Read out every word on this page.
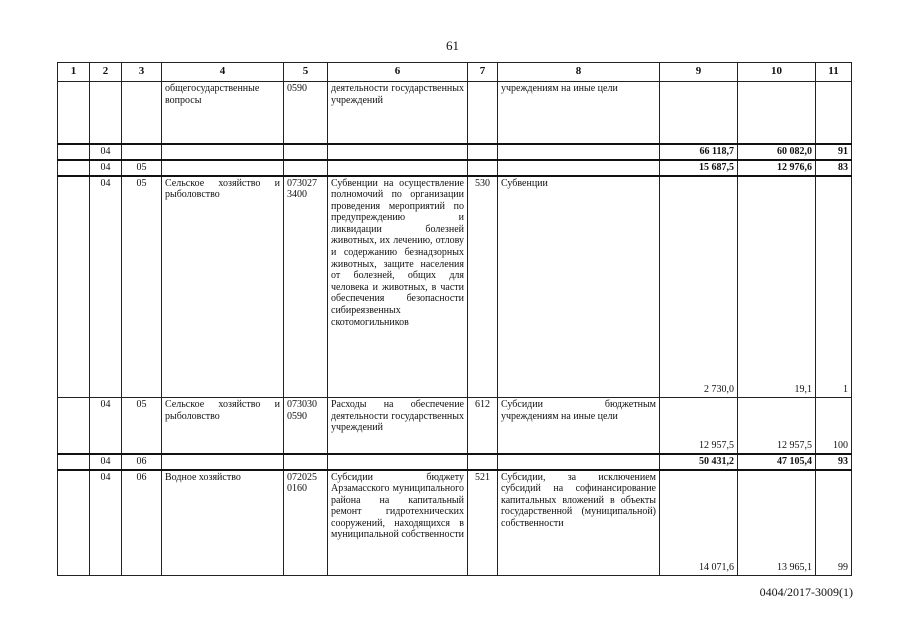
61
1	2	3	4	5	6	7	8	9	10	11
			общегосударственные вопросы	0590	деятельности государственных учреждений		учреждениям на иные цели			
	04							66 118,7	60 082,0	91
	04	05						15 687,5	12 976,6	83
	04	05	Сельское хозяйство и рыболовство	073027 3400	Субвенции на осуществление полномочий по организации проведения мероприятий по предупреждению и ликвидации болезней животных, их лечению, отлову и содержанию безнадзорных животных, защите населения от болезней, общих для человека и животных, в части обеспечения безопасности сибиреязвенных скотомогильников	530	Субвенции	2 730,0	19,1	1
	04	05	Сельское хозяйство и рыболовство	073030 0590	Расходы на обеспечение деятельности государственных учреждений	612	Субсидии бюджетным учреждениям на иные цели	12 957,5	12 957,5	100
	04	06						50 431,2	47 105,4	93
	04	06	Водное хозяйство	072025 0160	Субсидии бюджету Арзамасского муниципального района на капитальный ремонт гидротехнических сооружений, находящихся в муниципальной собственности	521	Субсидии, за исключением субсидий на софинансирование капитальных вложений в объекты государственной (муниципальной) собственности	14 071,6	13 965,1	99
0404/2017-3009(1)
